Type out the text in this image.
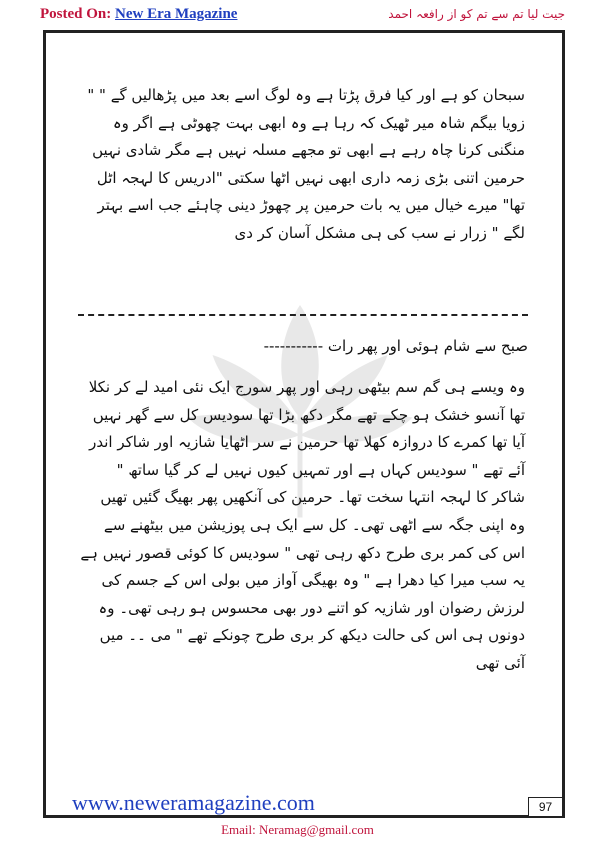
Posted On: New Era Magazine	جیت لیا تم سے تم کو از رافعہ احمد
سبحان کو ہے اور کیا فرق پڑتا ہے وہ لوگ اسے بعد میں پڑھالیں گے " " زویا بیگم شاہ میر ٹھیک کہ رہا ہے وہ ابھی بہت چھوٹی ہے اگر وہ منگنی کرنا چاہ رہے ہے ابھی تو مجھے مسلہ نہیں ہے مگر شادی نہیں حرمین اتنی بڑی زمہ داری ابھی نہیں اٹھا سکتی "ادریس کا لہجہ اٹل تھا" میرے خیال میں یہ بات حرمین پر چھوڑ دینی چاہئے جب اسے بہتر لگے " زرار نے سب کی ہی مشکل آسان کر دی
صبح سے شام ہوئی اور پھر رات -----------
وہ ویسے ہی گم سم بیٹھی رہی اور پھر سورج ایک نئی امید لے کر نکلا تھا آنسو خشک ہو چکے تھے مگر دکھ بڑا تھا سودیس کل سے گھر نہیں آیا تھا کمرے کا دروازہ کھلا تھا حرمین نے سر اٹھایا شازیہ اور شاکر اندر آئے تھے " سودیس کہاں ہے اور تمہیں کیوں نہیں لے کر گیا ساتھ " شاکر کا لہجہ انتہا سخت تھا۔ حرمین کی آنکھیں پھر بھیگ گئیں تھیں وہ اپنی جگہ سے اٹھی تھی۔ کل سے ایک ہی پوزیشن میں بیٹھنے سے اس کی کمر بری طرح دکھ رہی تھی " سودیس کا کوئی قصور نہیں ہے یہ سب میرا کیا دھرا ہے " وہ بھیگی آواز میں بولی اس کے جسم کی لرزش رضوان اور شازیہ کو اتنے دور بھی محسوس ہو رہی تھی۔ وہ دونوں ہی اس کی حالت دیکھ کر بری طرح چونکے تھے " می ۔۔ میں آئی تھی
www.neweramagazine.com	97
Email: Neramag@gmail.com
